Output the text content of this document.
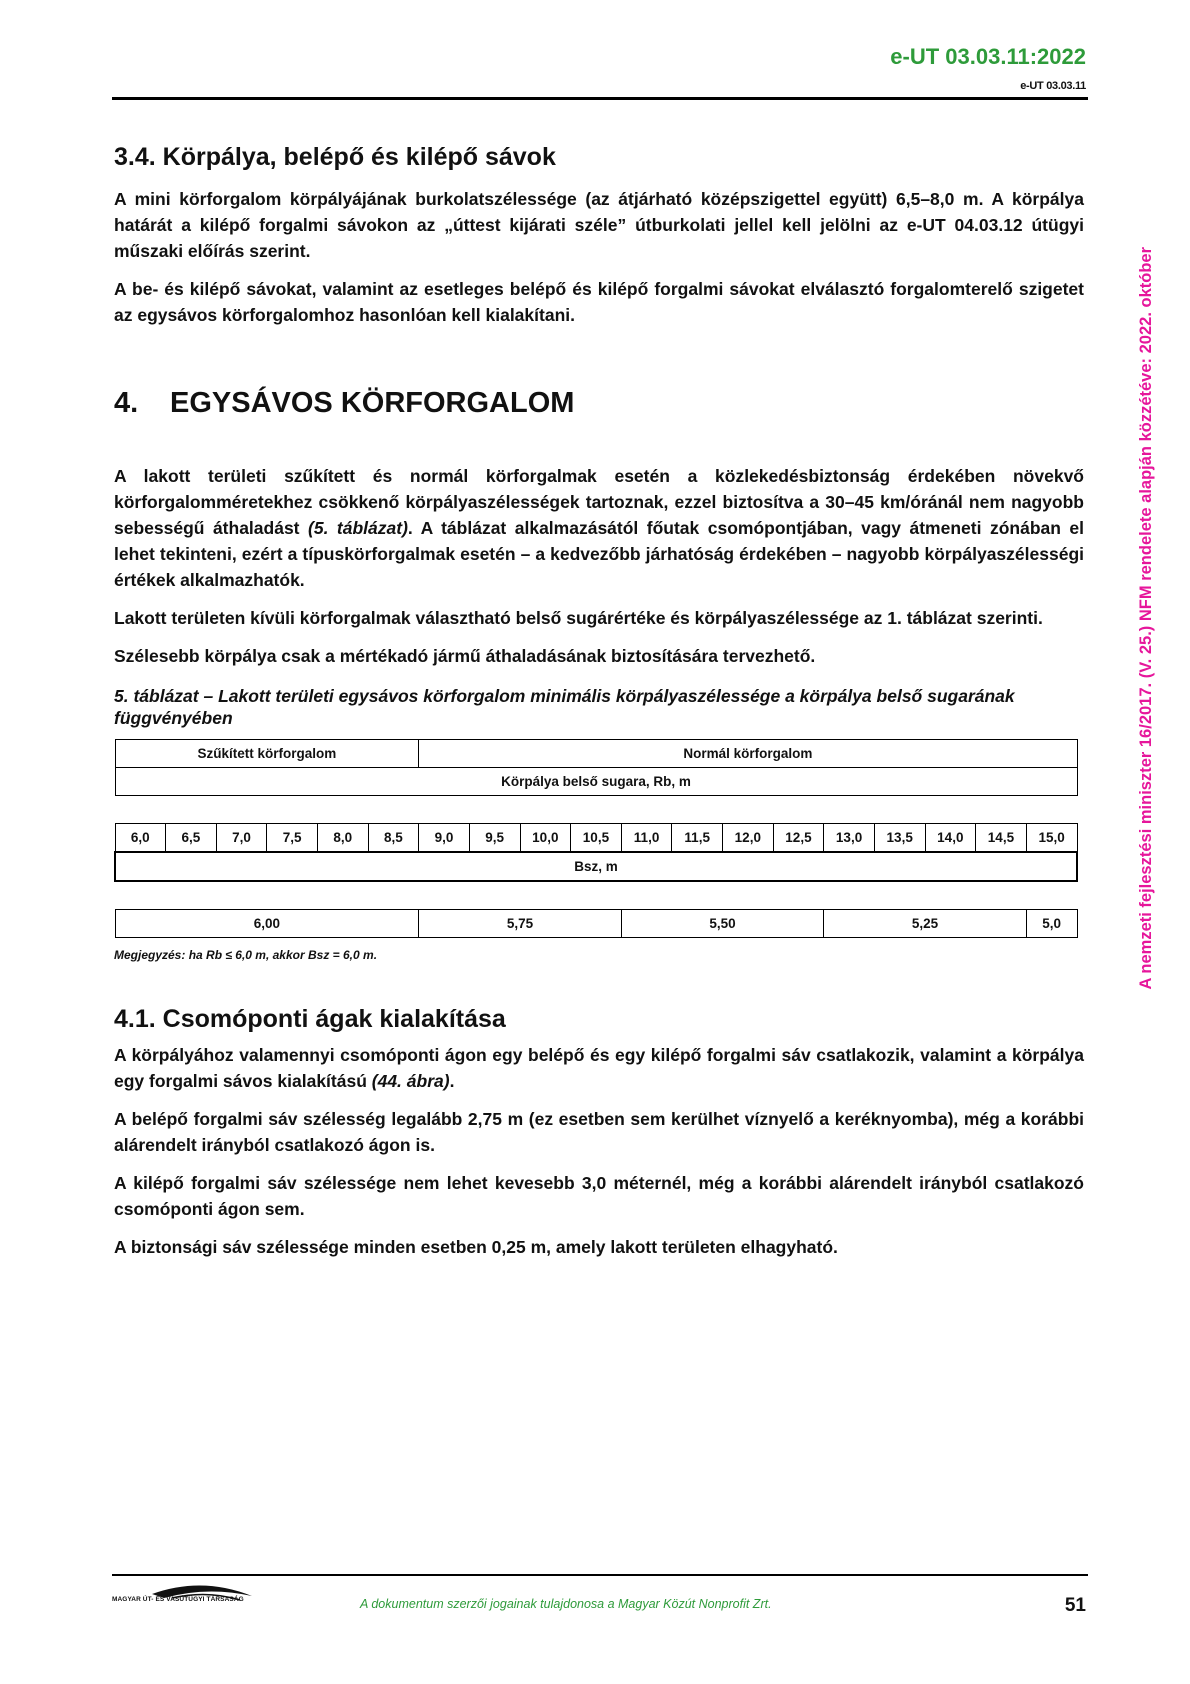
e-UT 03.03.11:2022
e-UT 03.03.11
A nemzeti fejlesztési miniszter 16/2017. (V. 25.) NFM rendelete alapján közzétéve: 2022. október
3.4. Körpálya, belépő és kilépő sávok

A mini körforgalom körpályájának burkolatszélessége (az átjárható középszigettel együtt) 6,5–8,0 m. A körpálya határát a kilépő forgalmi sávokon az „úttest kijárati széle” útburkolati jellel kell jelölni az e-UT 04.03.12 útügyi műszaki előírás szerint.

A be- és kilépő sávokat, valamint az esetleges belépő és kilépő forgalmi sávokat elválasztó forgalomterelő szigetet az egysávos körforgalomhoz hasonlóan kell kialakítani.

4. EGYSÁVOS KÖRFORGALOM

A lakott területi szűkített és normál körforgalmak esetén a közlekedésbiztonság érdekében növekvő körforgalomméretekhez csökkenő körpályaszélességek tartoznak, ezzel biztosítva a 30–45 km/óránál nem nagyobb sebességű áthaladást (5. táblázat). A táblázat alkalmazásától főutak csomópontjában, vagy átmeneti zónában el lehet tekinteni, ezért a típuskörforgalmak esetén – a kedvezőbb járhatóság érdekében – nagyobb körpályaszélességi értékek alkalmazhatók.

Lakott területen kívüli körforgalmak választható belső sugárértéke és körpályaszélessége az 1. táblázat szerinti.

Szélesebb körpálya csak a mértékadó jármű áthaladásának biztosítására tervezhető.

5. táblázat – Lakott területi egysávos körforgalom minimális körpályaszélessége a körpálya belső sugarának függvényében
Szűkített körforgalom						Normál körforgalom												
Körpálya belső sugara, Rb, m																		

6,0	6,5	7,0	7,5	8,0	8,5	9,0	9,5	10,0	10,5	11,0	11,5	12,0	12,5	13,0	13,5	14,0	14,5	15,0
Bsz, m																		

6,00						5,75				5,50				5,25				5,0
Megjegyzés: ha Rb ≤ 6,0 m, akkor Bsz = 6,0 m.
4.1. Csomóponti ágak kialakítása

A körpályához valamennyi csomóponti ágon egy belépő és egy kilépő forgalmi sáv csatlakozik, valamint a körpálya egy forgalmi sávos kialakítású (44. ábra).

A belépő forgalmi sáv szélesség legalább 2,75 m (ez esetben sem kerülhet víznyelő a keréknyomba), még a korábbi alárendelt irányból csatlakozó ágon is.

A kilépő forgalmi sáv szélessége nem lehet kevesebb 3,0 méternél, még a korábbi alárendelt irányból csatlakozó csomóponti ágon sem.

A biztonsági sáv szélessége minden esetben 0,25 m, amely lakott területen elhagyható.

MAGYAR ÚT- ÉS VASÚTÜGYI TÁRSASÁG	A dokumentum szerzői jogainak tulajdonosa a Magyar Közút Nonprofit Zrt.	51
